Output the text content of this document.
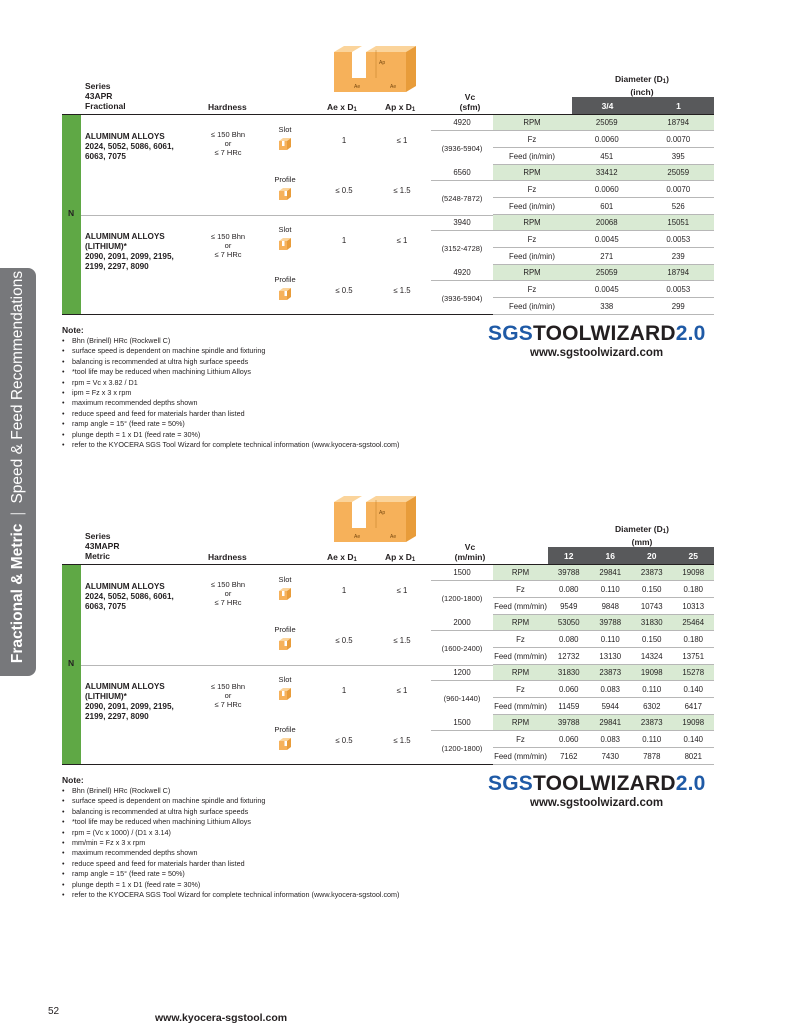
Fractional & Metric
|
Speed & Feed Recommendations
Ap
Ae	Ae
Series
43APR
Fractional	Hardness	Ae x $D_1$	Ap x $D_1$
Vc
(sfm)
Diameter $(D_1)$
(inch)
3/4	1
N
ALUMINUM ALLOYS
2024, 5052, 5086, 6061,
6063, 7075
≤ 150 Bhn
or
≤ 7 HRc
Slot
1	≤ 1
4920
(3936-5904)
RPM	25059	18794
Fz	0.0060	0.0070
Feed (in/min)	451	395
Profile
≤ 0.5	≤ 1.5
6560
(5248-7872)
RPM	33412	25059
Fz	0.0060	0.0070
Feed (in/min)	601	526
ALUMINUM ALLOYS
(LITHIUM)*
2090, 2091, 2099, 2195,
2199, 2297, 8090
≤ 150 Bhn
or
≤ 7 HRc
Slot
1	≤ 1
3940
(3152-4728)
RPM	20068	15051
Fz	0.0045	0.0053
Feed (in/min)	271	239
Profile
≤ 0.5	≤ 1.5
4920
(3936-5904)
RPM	25059	18794
Fz	0.0045	0.0053
Feed (in/min)	338	299
Note:
• Bhn (Brinell) HRc (Rockwell C)
• surface speed is dependent on machine spindle and fixturing
• balancing is recommended at ultra high surface speeds
• *tool life may be reduced when machining Lithium Alloys
• rpm = Vc x 3.82 / D1
• ipm = Fz x 3 x rpm
• maximum recommended depths shown
• reduce speed and feed for materials harder than listed
• ramp angle = 15° (feed rate = 50%)
• plunge depth = 1 x D1 (feed rate = 30%)
• refer to the KYOCERA SGS Tool Wizard for complete technical information (www.kyocera-sgstool.com)
SGSTOOLWIZARD2.0
www.sgstoolwizard.com
Ap
Ae	Ae
Series
43MAPR
Metric	Hardness	Ae x $D_1$	Ap x $D_1$
Vc
(m/min)
Diameter $(D_1)$
(mm)
12	16	20	25
N
ALUMINUM ALLOYS
2024, 5052, 5086, 6061,
6063, 7075
≤ 150 Bhn
or
≤ 7 HRc
Slot
1	≤ 1
1500
(1200-1800)
RPM	39788	29841	23873	19098
Fz	0.080	0.110	0.150	0.180
Feed (mm/min)	9549	9848	10743	10313
Profile
≤ 0.5	≤ 1.5
2000
(1600-2400)
RPM	53050	39788	31830	25464
Fz	0.080	0.110	0.150	0.180
Feed (mm/min)	12732	13130	14324	13751
ALUMINUM ALLOYS
(LITHIUM)*
2090, 2091, 2099, 2195,
2199, 2297, 8090
≤ 150 Bhn
or
≤ 7 HRc
Slot
1	≤ 1
1200
(960-1440)
RPM	31830	23873	19098	15278
Fz	0.060	0.083	0.110	0.140
Feed (mm/min)	11459	5944	6302	6417
Profile
≤ 0.5	≤ 1.5
1500
(1200-1800)
RPM	39788	29841	23873	19098
Fz	0.060	0.083	0.110	0.140
Feed (mm/min)	7162	7430	7878	8021
Note:
• Bhn (Brinell) HRc (Rockwell C)
• surface speed is dependent on machine spindle and fixturing
• balancing is recommended at ultra high surface speeds
• *tool life may be reduced when machining Lithium Alloys
• rpm = (Vc x 1000) / (D1 x 3.14)
• mm/min = Fz x 3 x rpm
• maximum recommended depths shown
• reduce speed and feed for materials harder than listed
• ramp angle = 15° (feed rate = 50%)
• plunge depth = 1 x D1 (feed rate = 30%)
• refer to the KYOCERA SGS Tool Wizard for complete technical information (www.kyocera-sgstool.com)
SGSTOOLWIZARD2.0
www.sgstoolwizard.com
52
www.kyocera-sgstool.com
